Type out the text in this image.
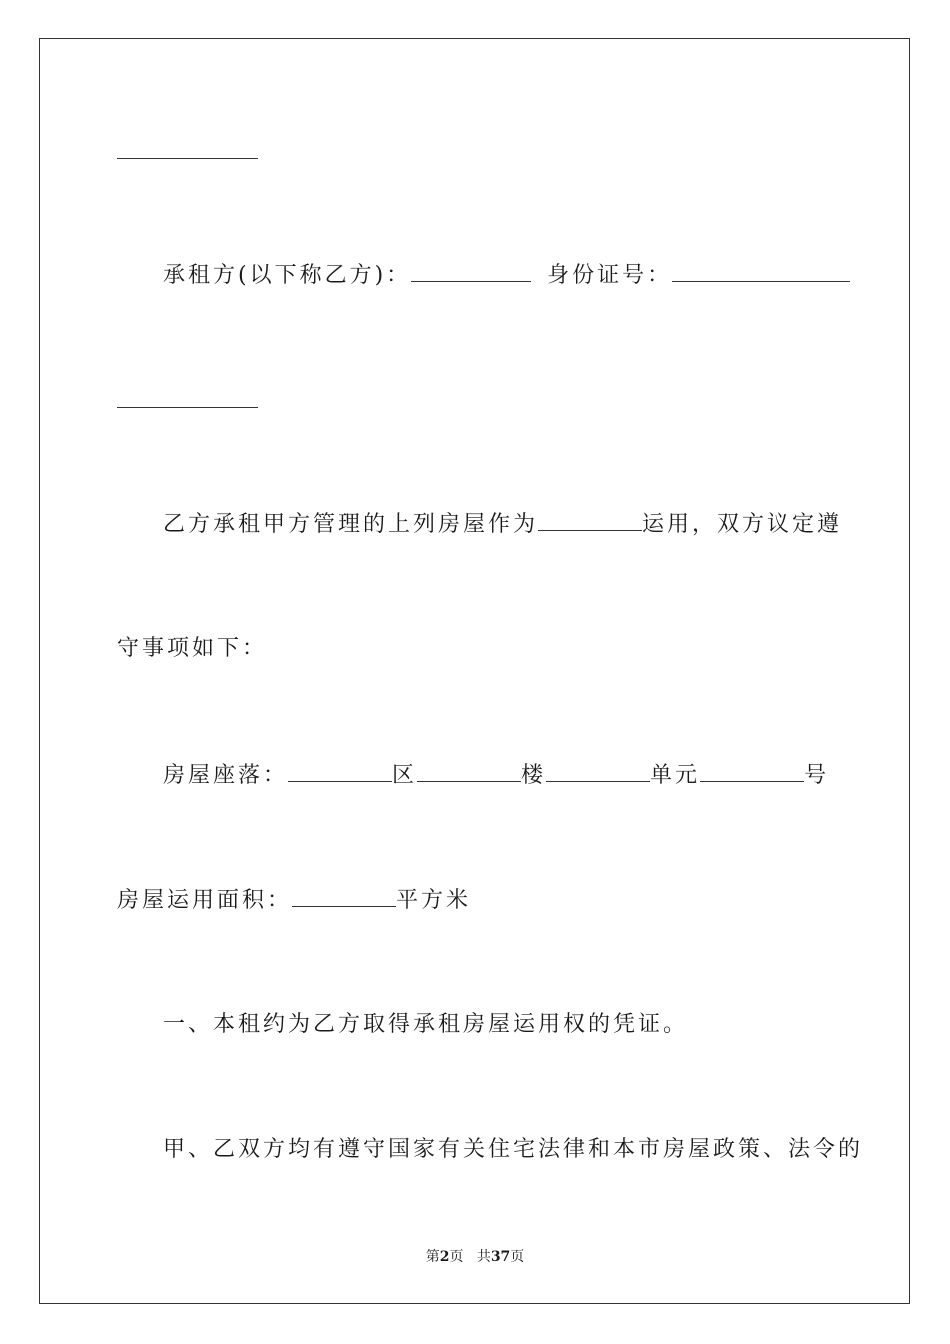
承租方(以下称乙方)：	身份证号：
乙方承租甲方管理的上列房屋作为	运用，双方议定遵
守事项如下：
房屋座落：	区	楼	单元	号
房屋运用面积：	平方米
一、本租约为乙方取得承租房屋运用权的凭证。
甲、乙双方均有遵守国家有关住宅法律和本市房屋政策、法令的
第2页 共37页
